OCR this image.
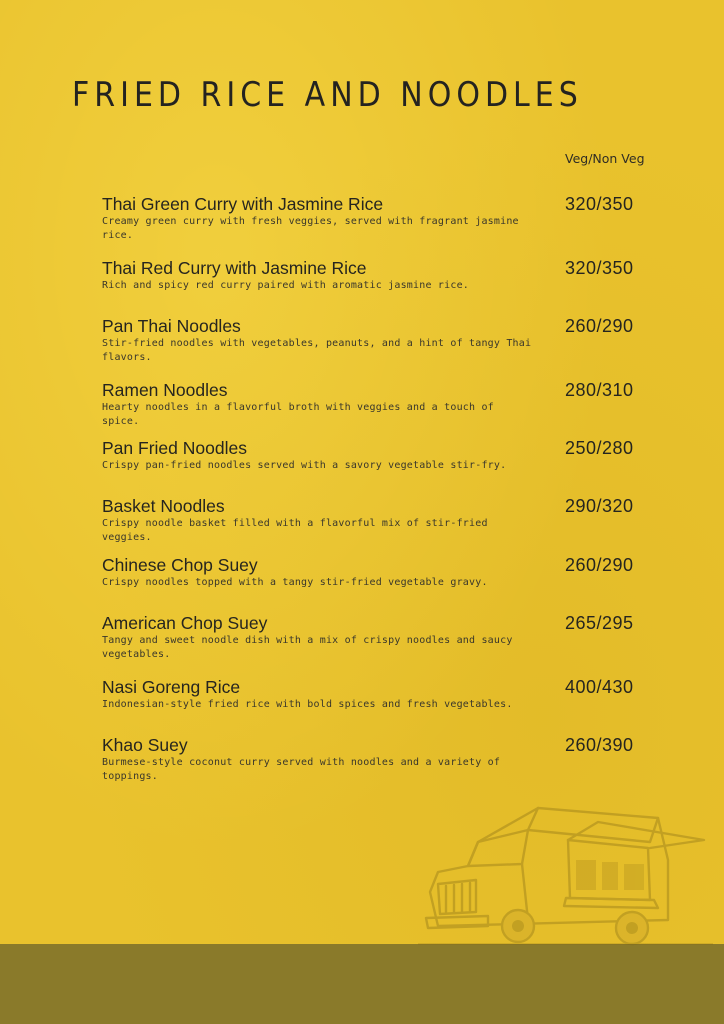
FRIED RICE AND NOODLES
Veg/Non Veg
Thai Green Curry with Jasmine Rice
Creamy green curry with fresh veggies, served with fragrant jasmine rice.
320/350
Thai Red Curry with Jasmine Rice
Rich and spicy red curry paired with aromatic jasmine rice.
320/350
Pan Thai Noodles
Stir-fried noodles with vegetables, peanuts, and a hint of tangy Thai flavors.
260/290
Ramen Noodles
Hearty noodles in a flavorful broth with veggies and a touch of spice.
280/310
Pan Fried Noodles
Crispy pan-fried noodles served with a savory vegetable stir-fry.
250/280
Basket Noodles
Crispy noodle basket filled with a flavorful mix of stir-fried veggies.
290/320
Chinese Chop Suey
Crispy noodles topped with a tangy stir-fried vegetable gravy.
260/290
American Chop Suey
Tangy and sweet noodle dish with a mix of crispy noodles and saucy vegetables.
265/295
Nasi Goreng Rice
Indonesian-style fried rice with bold spices and fresh vegetables.
400/430
Khao Suey
Burmese-style coconut curry served with noodles and a variety of toppings.
260/390
